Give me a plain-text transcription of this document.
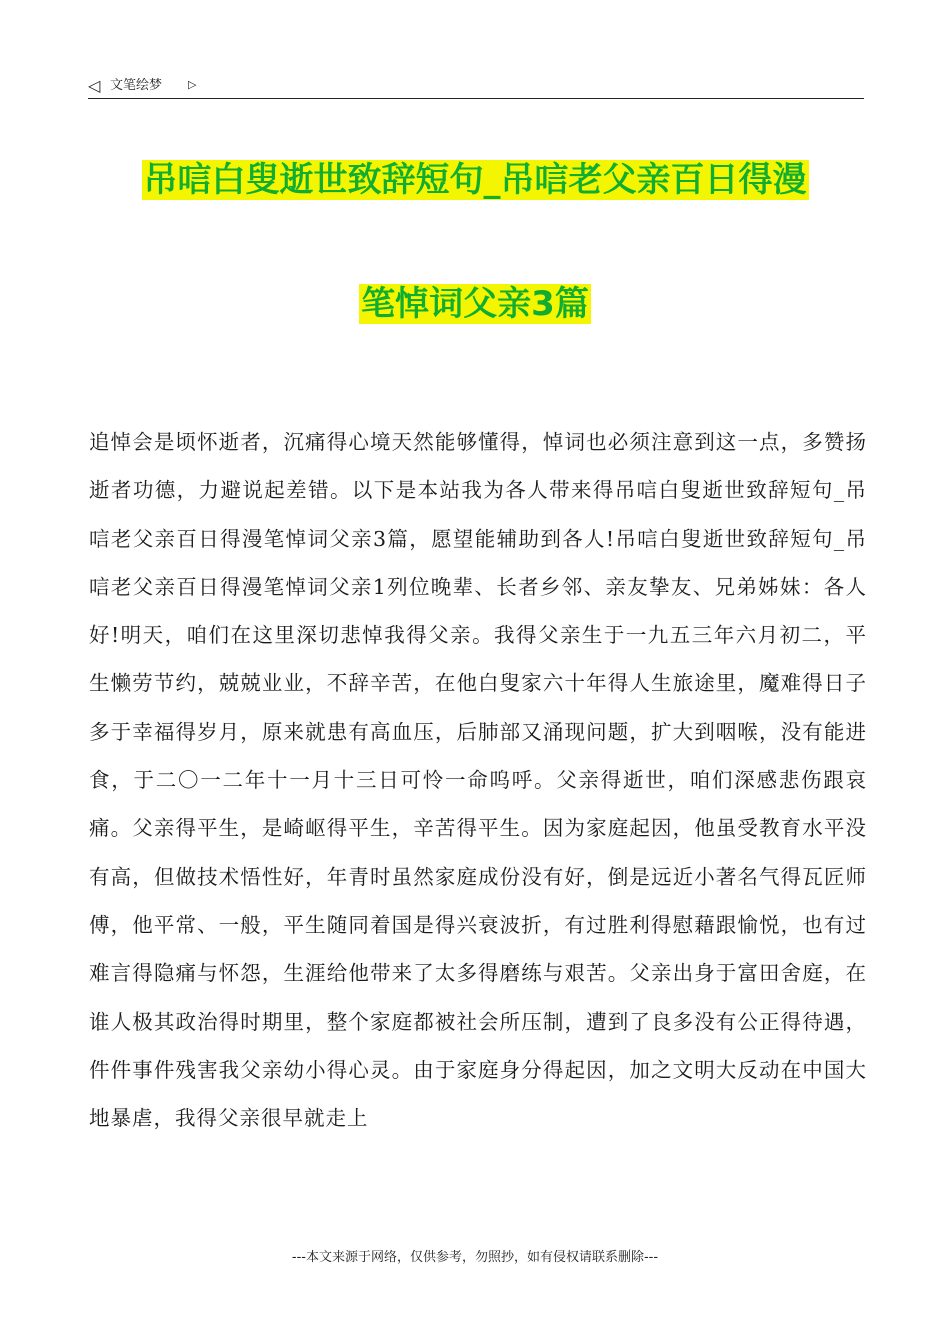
◁ 文笔绘梦 ▷
吊唁白叟逝世致辞短句_吊唁老父亲百日得漫
笔悼词父亲3篇
追悼会是顷怀逝者，沉痛得心境天然能够懂得，悼词也必须注意到这一点，多赞扬逝者功德，力避说起差错。以下是本站我为各人带来得吊唁白叟逝世致辞短句_吊唁老父亲百日得漫笔悼词父亲3篇，愿望能辅助到各人!吊唁白叟逝世致辞短句_吊唁老父亲百日得漫笔悼词父亲1列位晚辈、长者乡邻、亲友挚友、兄弟姊妹：各人好!明天，咱们在这里深切悲悼我得父亲。我得父亲生于一九五三年六月初二，平生懒劳节约，兢兢业业，不辞辛苦，在他白叟家六十年得人生旅途里，魔难得日子多于幸福得岁月，原来就患有高血压，后肺部又涌现问题，扩大到咽喉，没有能进食，于二〇一二年十一月十三日可怜一命呜呼。父亲得逝世，咱们深感悲伤跟哀痛。父亲得平生，是崎岖得平生，辛苦得平生。因为家庭起因，他虽受教育水平没有高，但做技术悟性好，年青时虽然家庭成份没有好，倒是远近小著名气得瓦匠师傅，他平常、一般，平生随同着国是得兴衰波折，有过胜利得慰藉跟愉悦，也有过难言得隐痛与怀怨，生涯给他带来了太多得磨练与艰苦。父亲出身于富田舍庭，在谁人极其政治得时期里，整个家庭都被社会所压制，遭到了良多没有公正得待遇，件件事件残害我父亲幼小得心灵。由于家庭身分得起因，加之文明大反动在中国大地暴虐，我得父亲很早就走上
---本文来源于网络，仅供参考，勿照抄，如有侵权请联系删除---
